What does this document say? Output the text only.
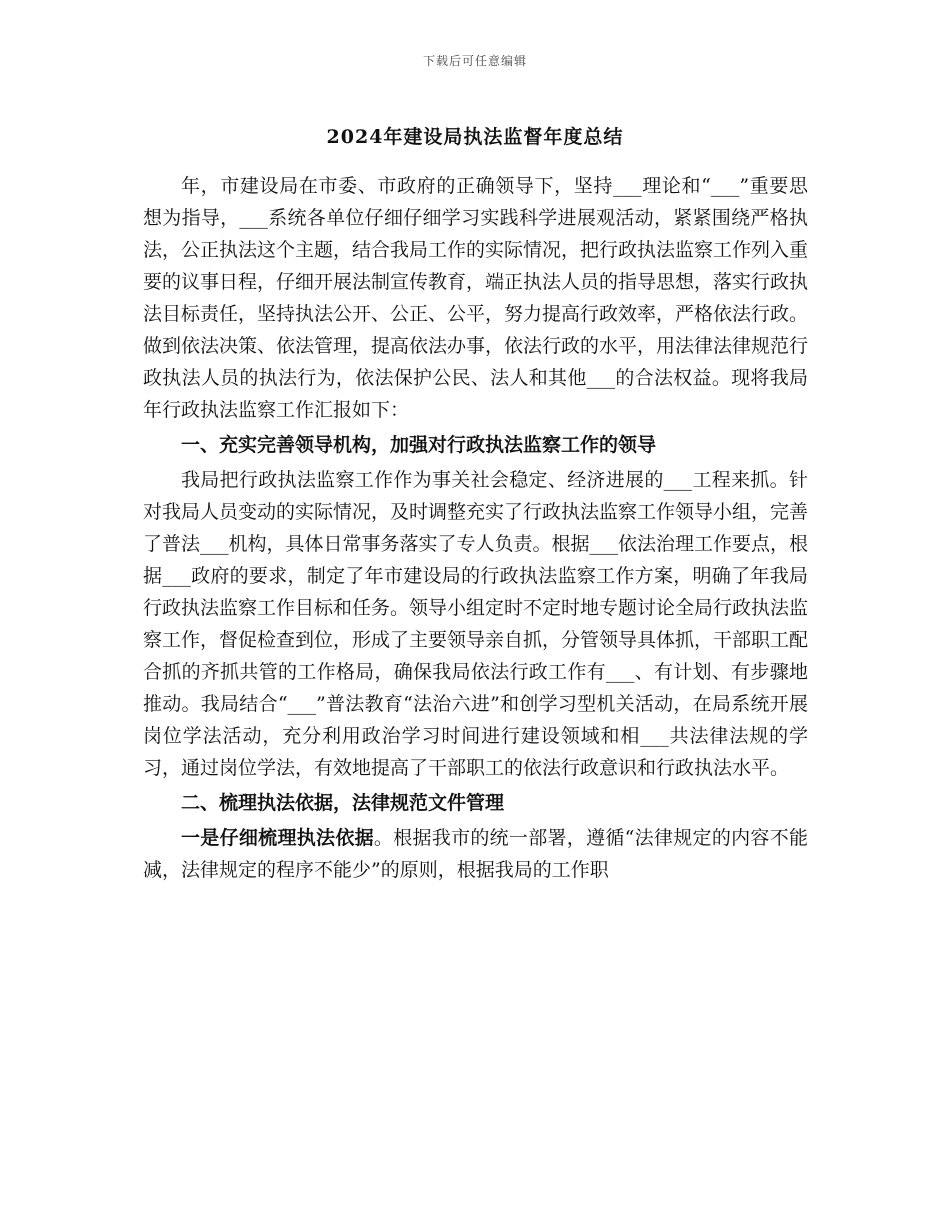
下载后可任意编辑
2024年建设局执法监督年度总结

年，市建设局在市委、市政府的正确领导下，坚持___理论和“___”重要思想为指导，___系统各单位仔细仔细学习实践科学进展观活动，紧紧围绕严格执法，公正执法这个主题，结合我局工作的实际情况，把行政执法监察工作列入重要的议事日程，仔细开展法制宣传教育，端正执法人员的指导思想，落实行政执法目标责任，坚持执法公开、公正、公平，努力提高行政效率，严格依法行政。做到依法决策、依法管理，提高依法办事，依法行政的水平，用法律法律规范行政执法人员的执法行为，依法保护公民、法人和其他___的合法权益。现将我局年行政执法监察工作汇报如下：

一、充实完善领导机构，加强对行政执法监察工作的领导

我局把行政执法监察工作作为事关社会稳定、经济进展的___工程来抓。针对我局人员变动的实际情况，及时调整充实了行政执法监察工作领导小组，完善了普法___机构，具体日常事务落实了专人负责。根据___依法治理工作要点，根据___政府的要求，制定了年市建设局的行政执法监察工作方案，明确了年我局行政执法监察工作目标和任务。领导小组定时不定时地专题讨论全局行政执法监察工作，督促检查到位，形成了主要领导亲自抓，分管领导具体抓，干部职工配合抓的齐抓共管的工作格局，确保我局依法行政工作有___、有计划、有步骤地推动。我局结合“___”普法教育“法治六进”和创学习型机关活动，在局系统开展岗位学法活动，充分利用政治学习时间进行建设领域和相___共法律法规的学习，通过岗位学法，有效地提高了干部职工的依法行政意识和行政执法水平。

二、梳理执法依据，法律规范文件管理

一是仔细梳理执法依据。根据我市的统一部署，遵循“法律规定的内容不能减，法律规定的程序不能少”的原则，根据我局的工作职
